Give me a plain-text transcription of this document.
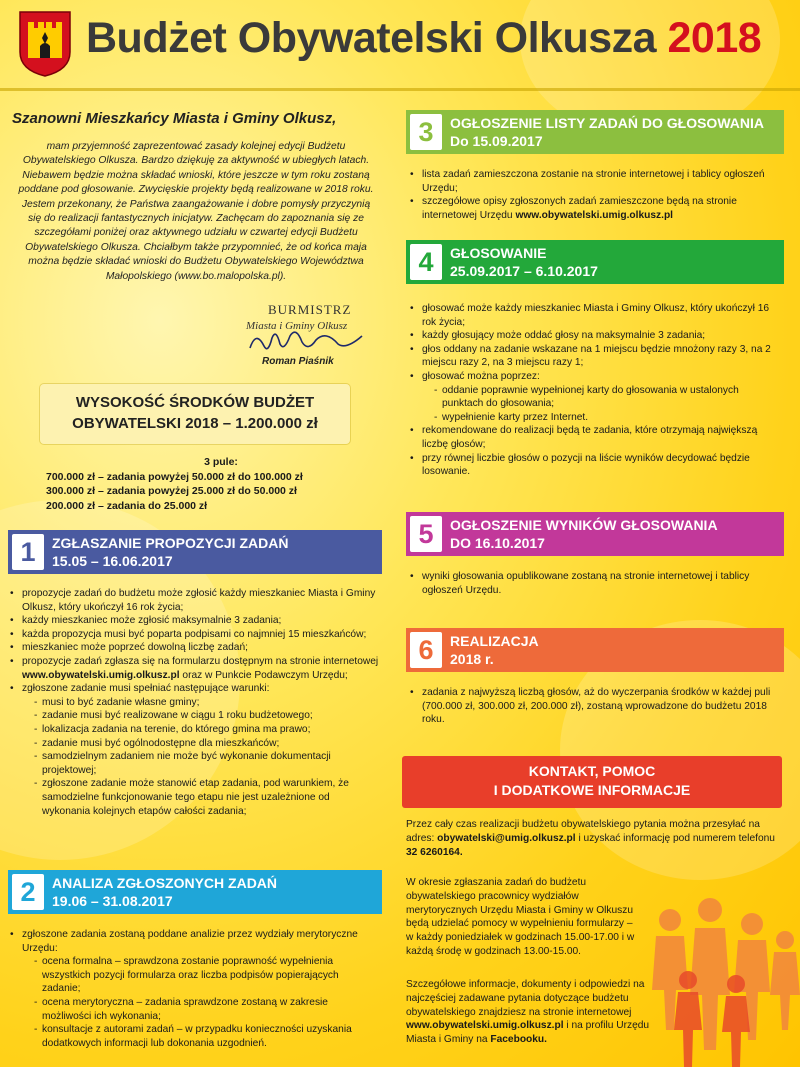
Budżet Obywatelski Olkusza 2018
Szanowni Mieszkańcy Miasta i Gminy Olkusz,
mam przyjemność zaprezentować zasady kolejnej edycji Budżetu
Obywatelskiego Olkusza. Bardzo dziękuję za aktywność w ubiegłych latach.
Niebawem będzie można składać wnioski, które jeszcze w tym roku zostaną
poddane pod głosowanie. Zwycięskie projekty będą realizowane w 2018 roku.
Jestem przekonany, że Państwa zaangażowanie i dobre pomysły przyczynią
się do realizacji fantastycznych inicjatyw. Zachęcam do zapoznania się ze
szczegółami poniżej oraz aktywnego udziału w czwartej edycji Budżetu
Obywatelskiego Olkusza. Chciałbym także przypomnieć, że od końca maja
można będzie składać wnioski do Budżetu Obywatelskiego Województwa
Małopolskiego (www.bo.malopolska.pl).
BURMISTRZ
Miasta i Gminy Olkusz
Roman Piaśnik
WYSOKOŚĆ ŚRODKÓW BUDŻET
OBYWATELSKI 2018 – 1.200.000 zł
3 pule:
700.000 zł – zadania powyżej 50.000 zł do 100.000 zł
300.000 zł – zadania powyżej 25.000 zł do 50.000 zł
200.000 zł – zadania do 25.000 zł
1	ZGŁASZANIE PROPOZYCJI ZADAŃ
15.05 – 16.06.2017
• propozycje zadań do budżetu może zgłosić każdy mieszkaniec Miasta i Gminy Olkusz, który ukończył 16 rok życia;
• każdy mieszkaniec może zgłosić maksymalnie 3 zadania;
• każda propozycja musi być poparta podpisami co najmniej 15 mieszkańców;
• mieszkaniec może poprzeć dowolną liczbę zadań;
• propozycje zadań zgłasza się na formularzu dostępnym na stronie internetowej www.obywatelski.umig.olkusz.pl oraz w Punkcie Podawczym Urzędu;
• zgłoszone zadanie musi spełniać następujące warunki:
- musi to być zadanie własne gminy;
- zadanie musi być realizowane w ciągu 1 roku budżetowego;
- lokalizacja zadania na terenie, do którego gmina ma prawo;
- zadanie musi być ogólnodostępne dla mieszkańców;
- samodzielnym zadaniem nie może być wykonanie dokumentacji projektowej;
- zgłoszone zadanie może stanowić etap zadania, pod warunkiem, że samodzielne funkcjonowanie tego etapu nie jest uzależnione od wykonania kolejnych etapów całości zadania;
2	ANALIZA ZGŁOSZONYCH ZADAŃ
19.06 – 31.08.2017
• zgłoszone zadania zostaną poddane analizie przez wydziały merytoryczne Urzędu:
- ocena formalna – sprawdzona zostanie poprawność wypełnienia wszystkich pozycji formularza oraz liczba podpisów popierających zadanie;
- ocena merytoryczna – zadania sprawdzone zostaną w zakresie możliwości ich wykonania;
- konsultacje z autorami zadań – w przypadku konieczności uzyskania dodatkowych informacji lub dokonania uzgodnień.
3	OGŁOSZENIE LISTY ZADAŃ DO GŁOSOWANIA
Do 15.09.2017
• lista zadań zamieszczona zostanie na stronie internetowej i tablicy ogłoszeń Urzędu;
• szczegółowe opisy zgłoszonych zadań zamieszczone będą na stronie internetowej Urzędu www.obywatelski.umig.olkusz.pl
4	GŁOSOWANIE
25.09.2017 – 6.10.2017
• głosować może każdy mieszkaniec Miasta i Gminy Olkusz, który ukończył 16 rok życia;
• każdy głosujący może oddać głosy na maksymalnie 3 zadania;
• głos oddany na zadanie wskazane na 1 miejscu będzie mnożony razy 3, na 2 miejscu razy 2, na 3 miejscu razy 1;
• głosować można poprzez:
- oddanie poprawnie wypełnionej karty do głosowania w ustalonych punktach do głosowania;
- wypełnienie karty przez Internet.
• rekomendowane do realizacji będą te zadania, które otrzymają największą liczbę głosów;
• przy równej liczbie głosów o pozycji na liście wyników decydować będzie losowanie.
5	OGŁOSZENIE WYNIKÓW GŁOSOWANIA
DO 16.10.2017
• wyniki głosowania opublikowane zostaną na stronie internetowej i tablicy ogłoszeń Urzędu.
6	REALIZACJA
2018 r.
• zadania z najwyższą liczbą głosów, aż do wyczerpania środków w każdej puli (700.000 zł, 300.000 zł, 200.000 zł), zostaną wprowadzone do budżetu 2018 roku.
KONTAKT, POMOC
I DODATKOWE INFORMACJE
Przez cały czas realizacji budżetu obywatelskiego pytania można przesyłać na adres: obywatelski@umig.olkusz.pl i uzyskać informację pod numerem telefonu 32 6260164.
W okresie zgłaszania zadań do budżetu obywatelskiego pracownicy wydziałów merytorycznych Urzędu Miasta i Gminy w Olkuszu będą udzielać pomocy w wypełnieniu formularzy – w każdy poniedziałek w godzinach 15.00-17.00 i w każdą środę w godzinach 13.00-15.00.
Szczegółowe informacje, dokumenty i odpowiedzi na najczęściej zadawane pytania dotyczące budżetu obywatelskiego znajdziesz na stronie internetowej www.obywatelski.umig.olkusz.pl i na profilu Urzędu Miasta i Gminy na Facebooku.
